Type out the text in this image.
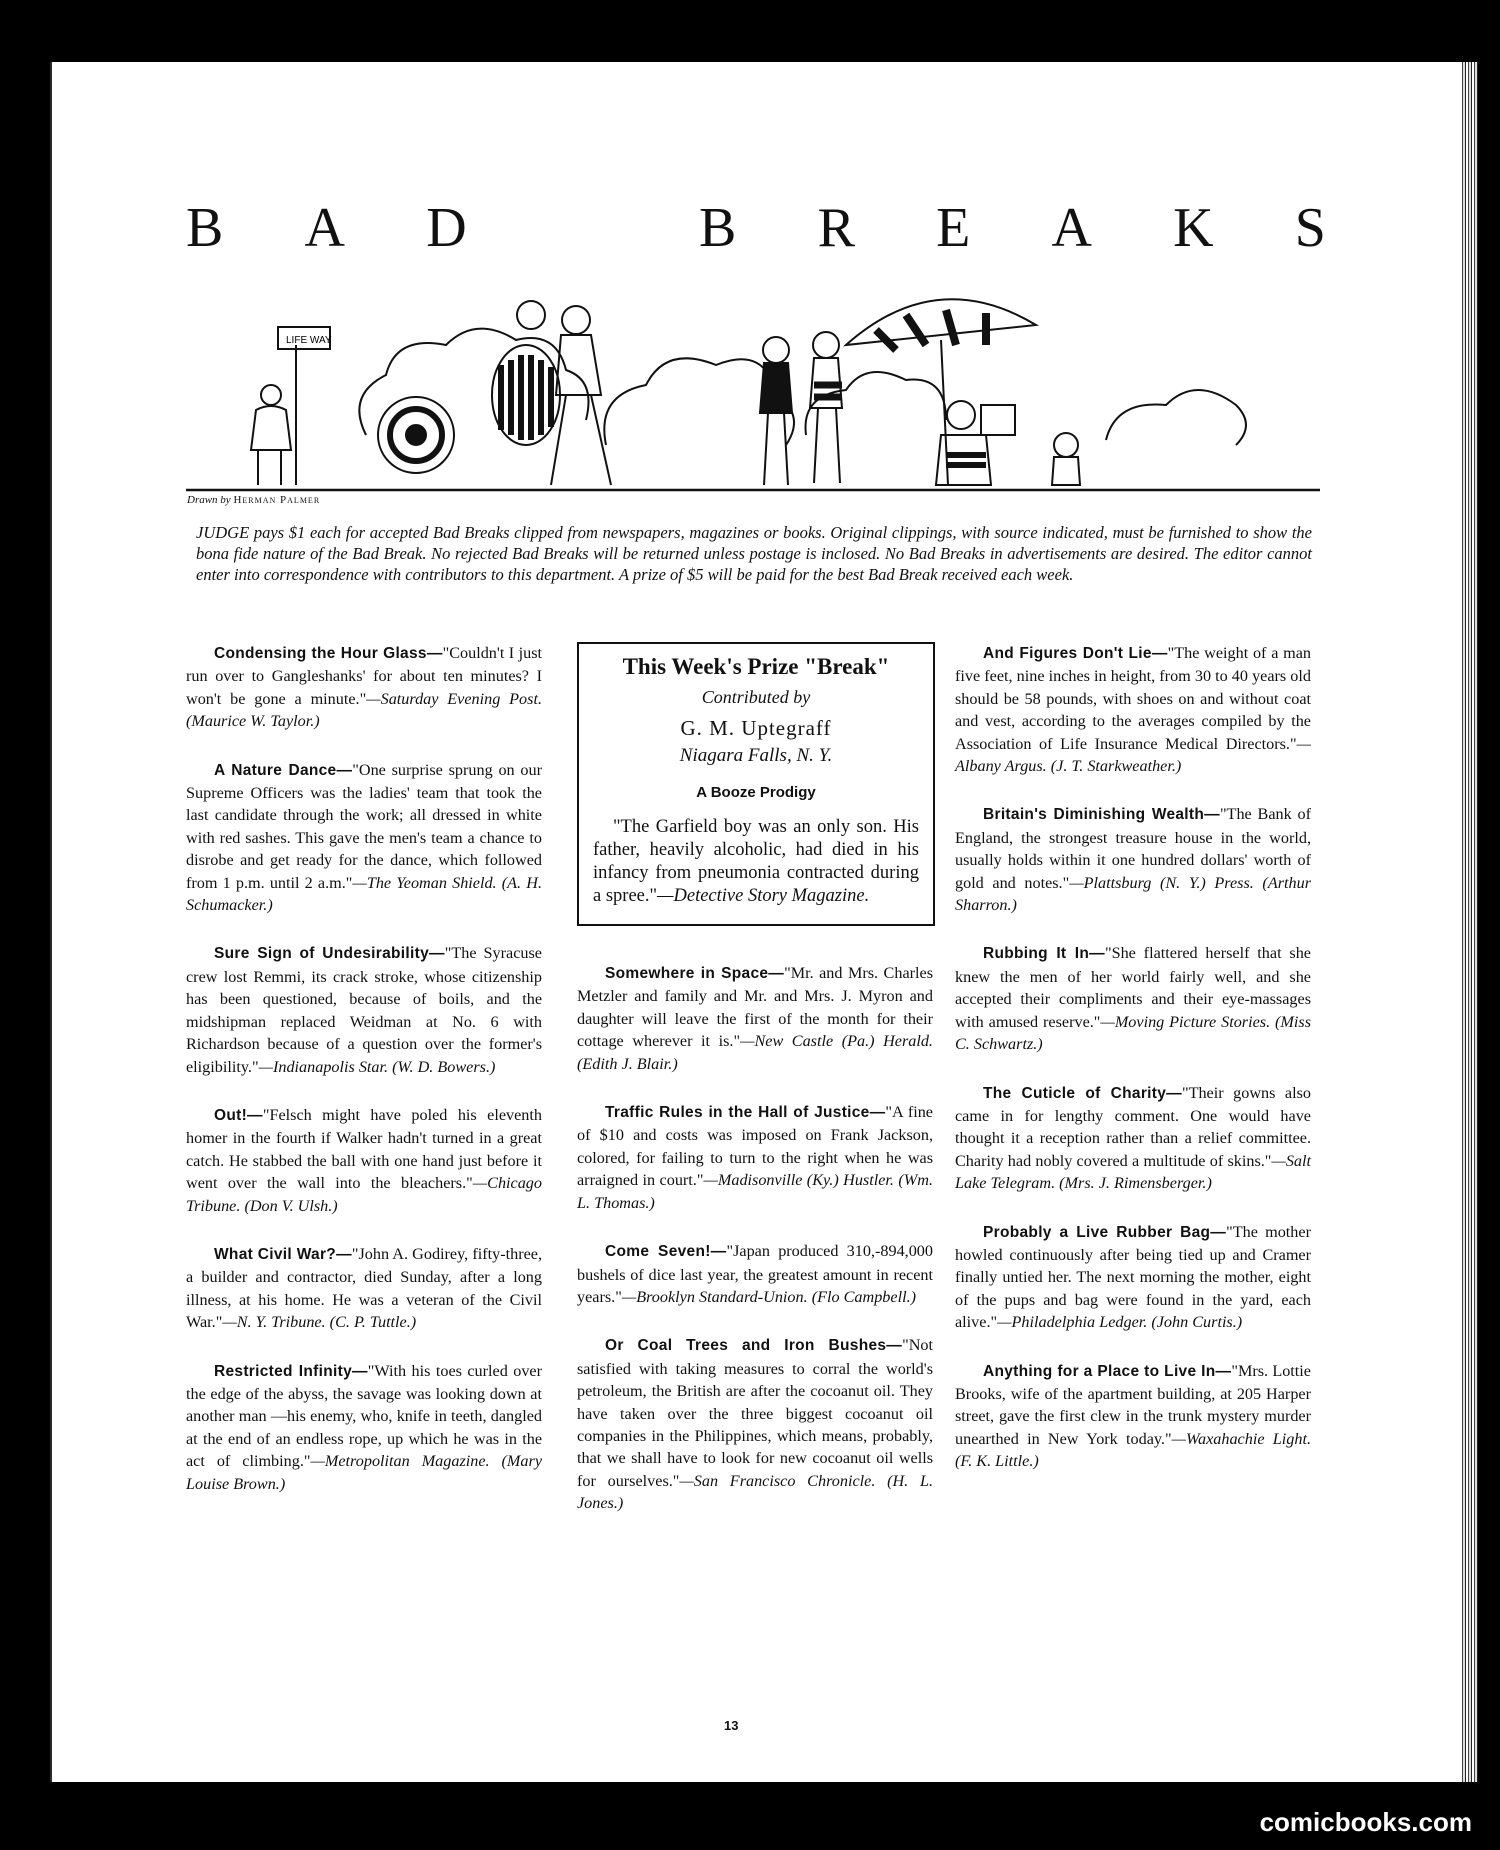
B A D	B R E A K S
LIFE WAY
Drawn by Herman Palmer
JUDGE pays $1 each for accepted Bad Breaks clipped from newspapers, magazines or books. Original clippings, with source indicated, must be furnished to show the bona fide nature of the Bad Break. No rejected Bad Breaks will be returned unless postage is inclosed. No Bad Breaks in advertisements are desired. The editor cannot enter into correspondence with contributors to this department. A prize of $5 will be paid for the best Bad Break received each week.
Condensing the Hour Glass—"Couldn't I just run over to Gangleshanks' for about ten minutes? I won't be gone a minute."—Saturday Evening Post. (Maurice W. Taylor.)
A Nature Dance—"One surprise sprung on our Supreme Officers was the ladies' team that took the last candidate through the work; all dressed in white with red sashes. This gave the men's team a chance to disrobe and get ready for the dance, which followed from 1 p.m. until 2 a.m."—The Yeoman Shield. (A. H. Schumacker.)
Sure Sign of Undesirability—"The Syracuse crew lost Remmi, its crack stroke, whose citizenship has been questioned, because of boils, and the midshipman replaced Weidman at No. 6 with Richardson because of a question over the former's eligibility."—Indianapolis Star. (W. D. Bowers.)
Out!—"Felsch might have poled his eleventh homer in the fourth if Walker hadn't turned in a great catch. He stabbed the ball with one hand just before it went over the wall into the bleachers."—Chicago Tribune. (Don V. Ulsh.)
What Civil War?—"John A. Godirey, fifty-three, a builder and contractor, died Sunday, after a long illness, at his home. He was a veteran of the Civil War."—N. Y. Tribune. (C. P. Tuttle.)
Restricted Infinity—"With his toes curled over the edge of the abyss, the savage was looking down at another man —his enemy, who, knife in teeth, dangled at the end of an endless rope, up which he was in the act of climbing."—Metropolitan Magazine. (Mary Louise Brown.)
This Week's Prize "Break"
Contributed by
G. M. Uptegraff
Niagara Falls, N. Y.
A Booze Prodigy
"The Garfield boy was an only son. His father, heavily alcoholic, had died in his infancy from pneumonia contracted during a spree."—Detective Story Magazine.
Somewhere in Space—"Mr. and Mrs. Charles Metzler and family and Mr. and Mrs. J. Myron and daughter will leave the first of the month for their cottage wherever it is."—New Castle (Pa.) Herald. (Edith J. Blair.)
Traffic Rules in the Hall of Justice—"A fine of $10 and costs was imposed on Frank Jackson, colored, for failing to turn to the right when he was arraigned in court."—Madisonville (Ky.) Hustler. (Wm. L. Thomas.)
Come Seven!—"Japan produced 310,-894,000 bushels of dice last year, the greatest amount in recent years."—Brooklyn Standard-Union. (Flo Campbell.)
Or Coal Trees and Iron Bushes—"Not satisfied with taking measures to corral the world's petroleum, the British are after the cocoanut oil. They have taken over the three biggest cocoanut oil companies in the Philippines, which means, probably, that we shall have to look for new cocoanut oil wells for ourselves."—San Francisco Chronicle. (H. L. Jones.)
And Figures Don't Lie—"The weight of a man five feet, nine inches in height, from 30 to 40 years old should be 58 pounds, with shoes on and without coat and vest, according to the averages compiled by the Association of Life Insurance Medical Directors."—Albany Argus. (J. T. Starkweather.)
Britain's Diminishing Wealth—"The Bank of England, the strongest treasure house in the world, usually holds within it one hundred dollars' worth of gold and notes."—Plattsburg (N. Y.) Press. (Arthur Sharron.)
Rubbing It In—"She flattered herself that she knew the men of her world fairly well, and she accepted their compliments and their eye-massages with amused reserve."—Moving Picture Stories. (Miss C. Schwartz.)
The Cuticle of Charity—"Their gowns also came in for lengthy comment. One would have thought it a reception rather than a relief committee. Charity had nobly covered a multitude of skins."—Salt Lake Telegram. (Mrs. J. Rimensberger.)
Probably a Live Rubber Bag—"The mother howled continuously after being tied up and Cramer finally untied her. The next morning the mother, eight of the pups and bag were found in the yard, each alive."—Philadelphia Ledger. (John Curtis.)
Anything for a Place to Live In—"Mrs. Lottie Brooks, wife of the apartment building, at 205 Harper street, gave the first clew in the trunk mystery murder unearthed in New York today."—Waxahachie Light. (F. K. Little.)
13
comicbooks.com
